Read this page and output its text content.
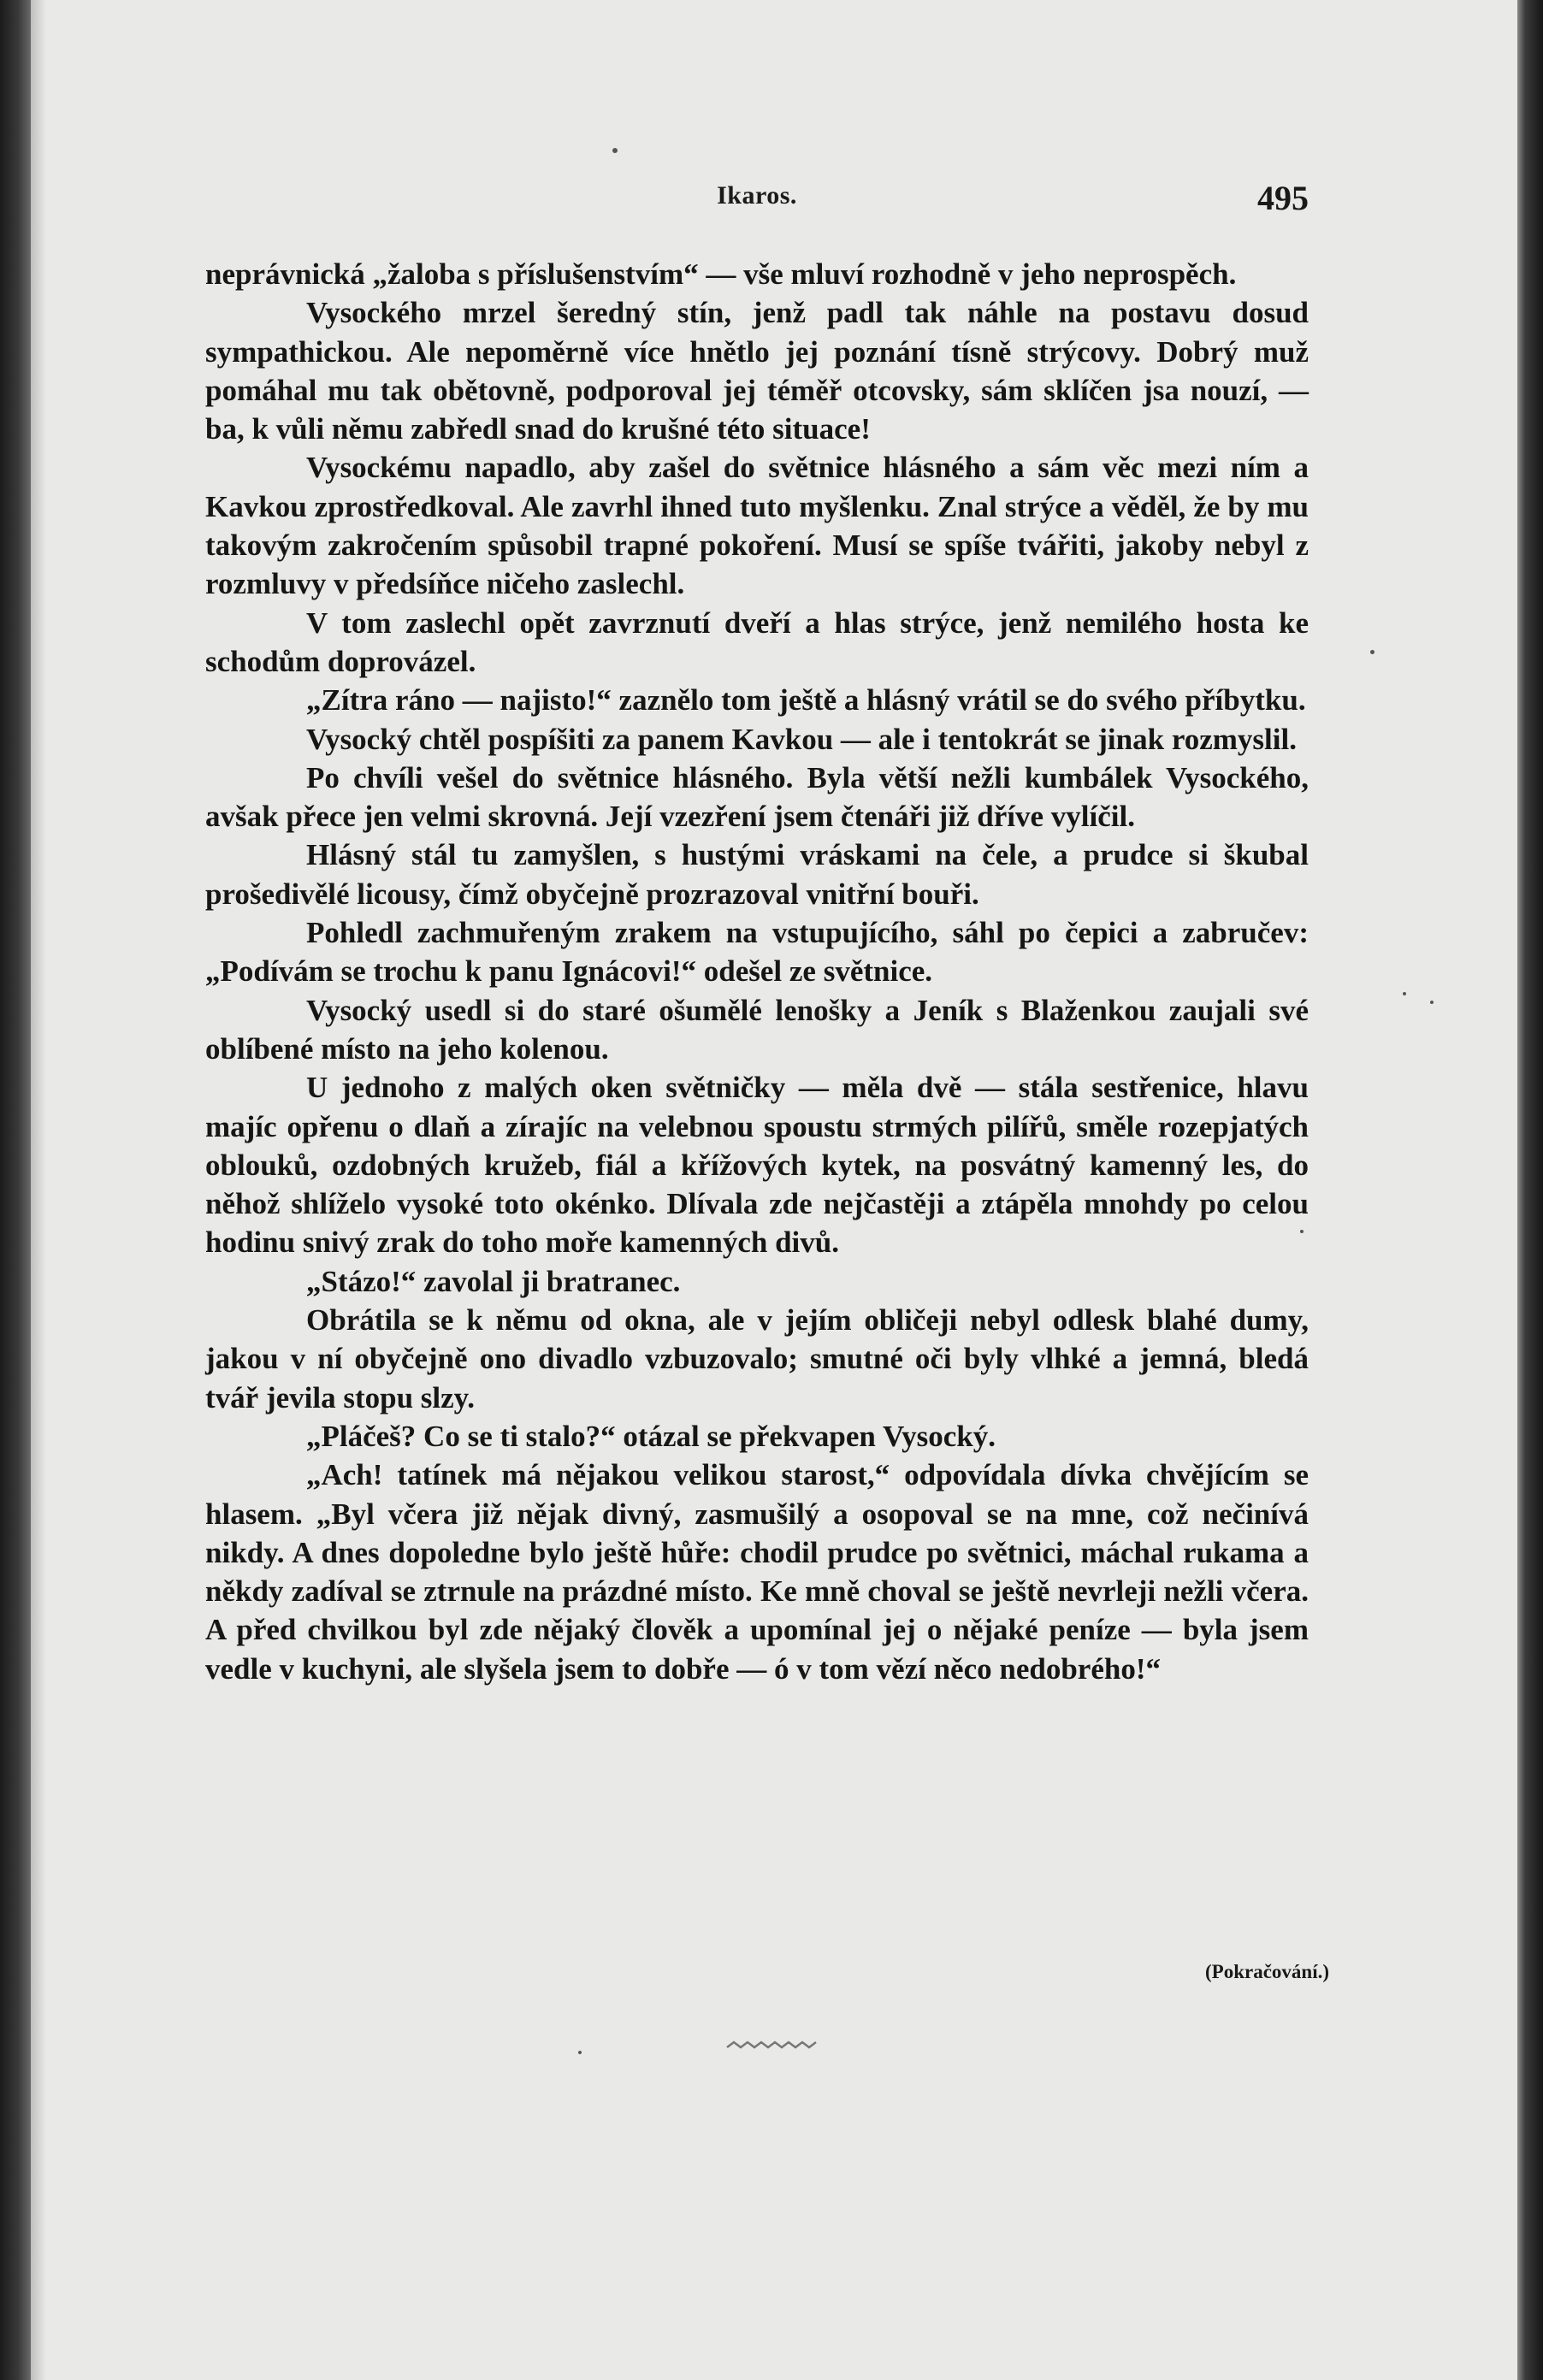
Ikaros.	495

neprávnická „žaloba s příslušenstvím“ — vše mluví rozhodně v jeho neprospěch.

Vysockého mrzel šeredný stín, jenž padl tak náhle na postavu dosud sympathickou. Ale nepoměrně více hnětlo jej poznání tísně strýcovy. Dobrý muž pomáhal mu tak obětovně, podporoval jej téměř otcovsky, sám sklíčen jsa nouzí, — ba, k vůli němu zabředl snad do krušné této situace!

Vysockému napadlo, aby zašel do světnice hlásného a sám věc mezi ním a Kavkou zprostředkoval. Ale zavrhl ihned tuto myšlenku. Znal strýce a věděl, že by mu takovým zakročením spůsobil trapné pokoření. Musí se spíše tvářiti, jakoby nebyl z rozmluvy v předsíňce ničeho zaslechl.

V tom zaslechl opět zavrznutí dveří a hlas strýce, jenž nemilého hosta ke schodům doprovázel.

„Zítra ráno — najisto!“ zaznělo tom ještě a hlásný vrátil se do svého příbytku.

Vysocký chtěl pospíšiti za panem Kavkou — ale i tentokrát se jinak rozmyslil.

Po chvíli vešel do světnice hlásného. Byla větší nežli kumbálek Vysockého, avšak přece jen velmi skrovná. Její vzezření jsem čtenáři již dříve vylíčil.

Hlásný stál tu zamyšlen, s hustými vráskami na čele, a prudce si škubal prošedivělé licousy, čímž obyčejně prozrazoval vnitřní bouři.

Pohledl zachmuřeným zrakem na vstupujícího, sáhl po čepici a zabručev: „Podívám se trochu k panu Ignácovi!“ odešel ze světnice.

Vysocký usedl si do staré ošumělé lenošky a Jeník s Blaženkou zaujali své oblíbené místo na jeho kolenou.

U jednoho z malých oken světničky — měla dvě — stála sestřenice, hlavu majíc opřenu o dlaň a zírajíc na velebnou spoustu strmých pilířů, směle rozepjatých oblouků, ozdobných kružeb, fiál a křížových kytek, na posvátný kamenný les, do něhož shlíželo vysoké toto okénko. Dlívala zde nejčastěji a ztápěla mnohdy po celou hodinu snivý zrak do toho moře kamenných divů.

„Stázo!“ zavolal ji bratranec.

Obrátila se k němu od okna, ale v jejím obličeji nebyl odlesk blahé dumy, jakou v ní obyčejně ono divadlo vzbuzovalo; smutné oči byly vlhké a jemná, bledá tvář jevila stopu slzy.

„Pláčeš? Co se ti stalo?“ otázal se překvapen Vysocký.

„Ach! tatínek má nějakou velikou starost,“ odpovídala dívka chvějícím se hlasem. „Byl včera již nějak divný, zasmušilý a osopoval se na mne, což nečinívá nikdy. A dnes dopoledne bylo ještě hůře: chodil prudce po světnici, máchal rukama a někdy zadíval se ztrnule na prázdné místo. Ke mně choval se ještě nevrleji nežli včera. A před chvilkou byl zde nějaký člověk a upomínal jej o nějaké peníze — byla jsem vedle v kuchyni, ale slyšela jsem to dobře — ó v tom vězí něco nedobrého!“

(Pokračování.)
